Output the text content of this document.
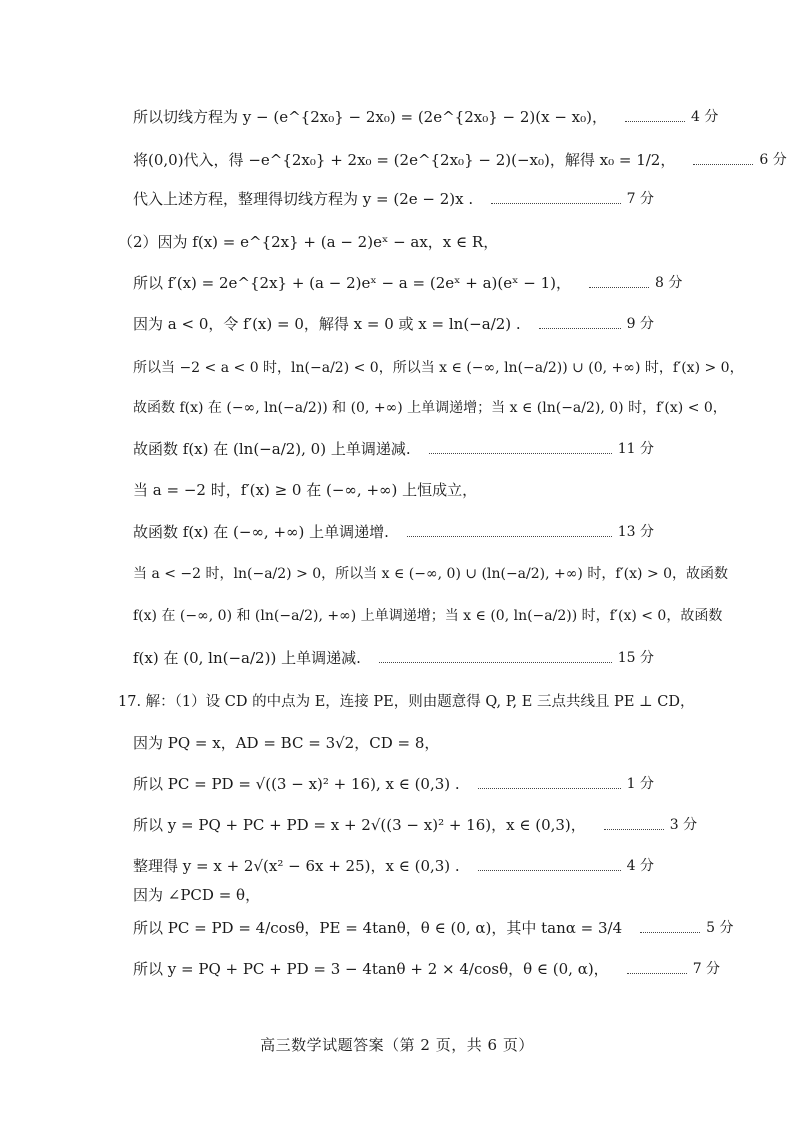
所以切线方程为 y − (e^{2x₀} − 2x₀) = (2e^{2x₀} − 2)(x − x₀)，	4 分
将(0,0)代入，得 −e^{2x₀} + 2x₀ = (2e^{2x₀} − 2)(−x₀)，解得 x₀ = 1/2，	6 分
代入上述方程，整理得切线方程为 y = (2e − 2)x .	7 分
（2）因为 f(x) = e^{2x} + (a − 2)eˣ − ax，x ∈ R，
所以 f′(x) = 2e^{2x} + (a − 2)eˣ − a = (2eˣ + a)(eˣ − 1)，	8 分
因为 a < 0，令 f′(x) = 0，解得 x = 0 或 x = ln(−a/2) .	9 分
所以当 −2 < a < 0 时，ln(−a/2) < 0，所以当 x ∈ (−∞, ln(−a/2)) ∪ (0, +∞) 时，f′(x) > 0，
故函数 f(x) 在 (−∞, ln(−a/2)) 和 (0, +∞) 上单调递增；当 x ∈ (ln(−a/2), 0) 时，f′(x) < 0，
故函数 f(x) 在 (ln(−a/2), 0) 上单调递减.	11 分
当 a = −2 时，f′(x) ≥ 0 在 (−∞, +∞) 上恒成立，
故函数 f(x) 在 (−∞, +∞) 上单调递增.	13 分
当 a < −2 时，ln(−a/2) > 0，所以当 x ∈ (−∞, 0) ∪ (ln(−a/2), +∞) 时，f′(x) > 0，故函数
f(x) 在 (−∞, 0) 和 (ln(−a/2), +∞) 上单调递增；当 x ∈ (0, ln(−a/2)) 时，f′(x) < 0，故函数
f(x) 在 (0, ln(−a/2)) 上单调递减.	15 分
17. 解：（1）设 CD 的中点为 E，连接 PE，则由题意得 Q, P, E 三点共线且 PE ⊥ CD，
因为 PQ = x，AD = BC = 3√2，CD = 8，
所以 PC = PD = √((3 − x)² + 16), x ∈ (0,3) .	1 分
所以 y = PQ + PC + PD = x + 2√((3 − x)² + 16)，x ∈ (0,3)，	3 分
整理得 y = x + 2√(x² − 6x + 25)，x ∈ (0,3) .	4 分
因为 ∠PCD = θ，
所以 PC = PD = 4/cosθ，PE = 4tanθ，θ ∈ (0, α)，其中 tanα = 3/4	5 分
所以 y = PQ + PC + PD = 3 − 4tanθ + 2 × 4/cosθ，θ ∈ (0, α)，	7 分
高三数学试题答案（第 2 页，共 6 页）
